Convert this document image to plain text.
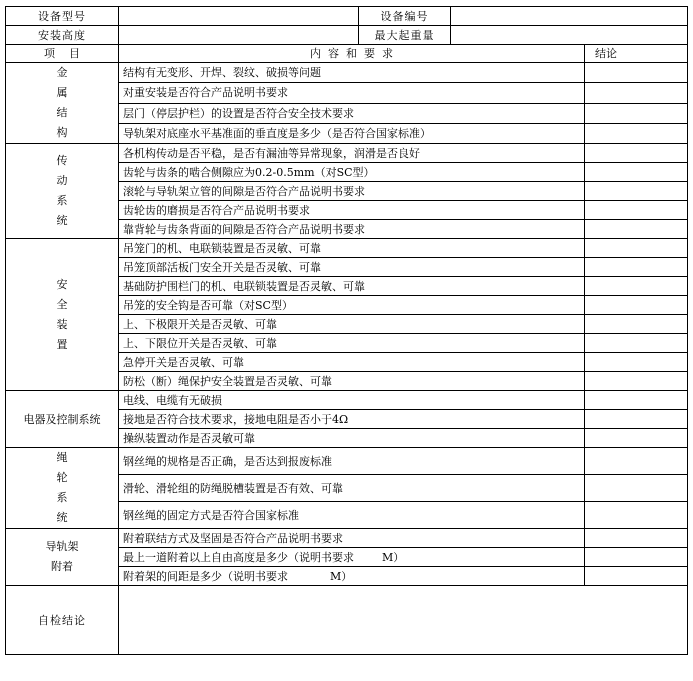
设备型号		设备编号		
安装高度		最大起重量		
项    目	内  容  和  要  求			结论
金属结构	结构有无变形、开焊、裂纹、破损等问题			
	对重安装是否符合产品说明书要求			
	层门（停层护栏）的设置是否符合安全技术要求			
	导轨架对底座水平基准面的垂直度是多少（是否符合国家标准）			
传动系统	各机构传动是否平稳，是否有漏油等异常现象，润滑是否良好			
	齿轮与齿条的啮合侧隙应为0.2-0.5mm（对SC型）			
	滚轮与导轨架立管的间隙是否符合产品说明书要求			
	齿轮齿的磨损是否符合产品说明书要求			
	靠背轮与齿条背面的间隙是否符合产品说明书要求			
安全装置	吊笼门的机、电联锁装置是否灵敏、可靠			
	吊笼顶部活板门安全开关是否灵敏、可靠			
	基础防护围栏门的机、电联锁装置是否灵敏、可靠			
	吊笼的安全钩是否可靠（对SC型）			
	上、下极限开关是否灵敏、可靠			
	上、下限位开关是否灵敏、可靠			
	急停开关是否灵敏、可靠			
	防松（断）绳保护安全装置是否灵敏、可靠			
电器及控制系统	电线、电缆有无破损			
	接地是否符合技术要求，接地电阻是否小于4Ω			
	操纵装置动作是否灵敏可靠			
绳轮系统	钢丝绳的规格是否正确，是否达到报废标准			
	滑轮、滑轮组的防绳脱槽装置是否有效、可靠			
	钢丝绳的固定方式是否符合国家标准			
导轨架附着	附着联结方式及坚固是否符合产品说明书要求			
	最上一道附着以上自由高度是多少（说明书要求        M）			
	附着架的间距是多少（说明书要求            M）			
自检结论				
